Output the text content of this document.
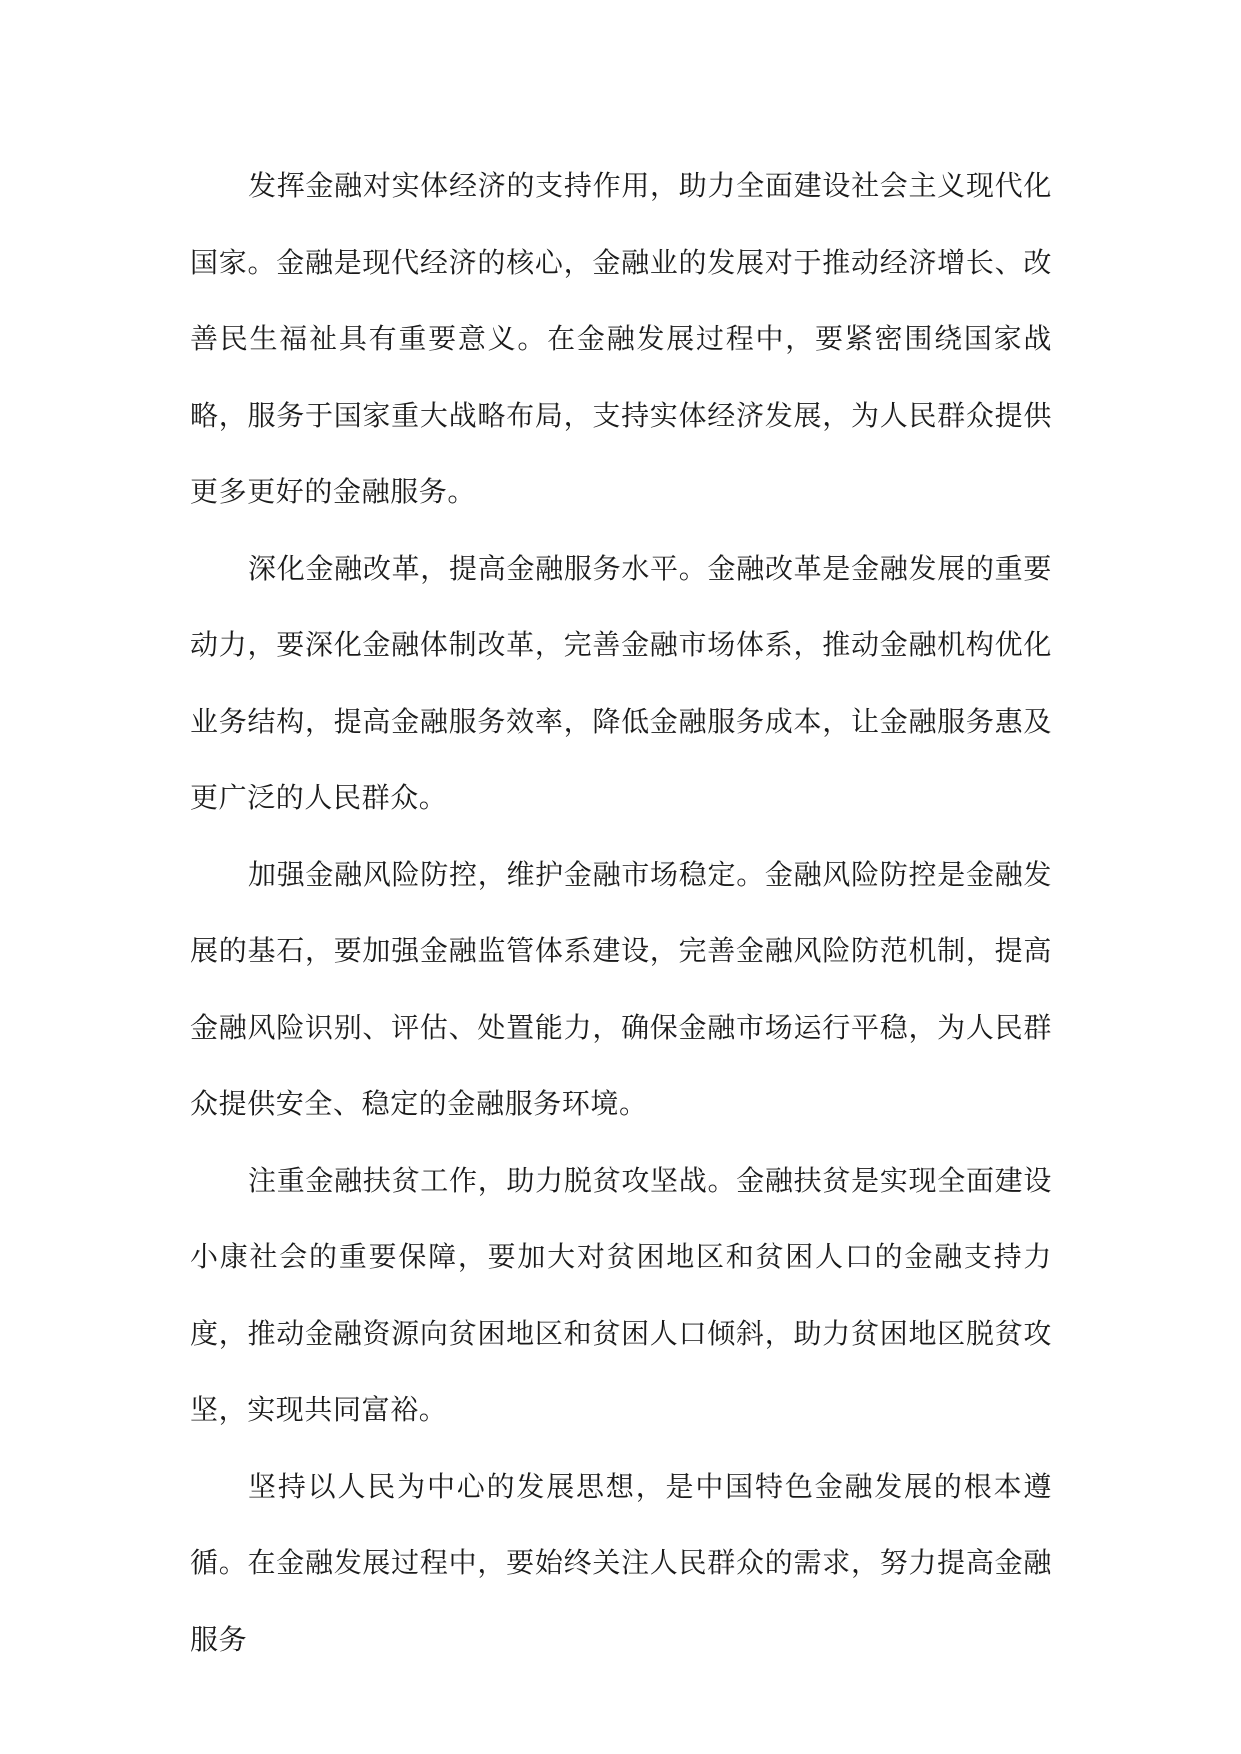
发挥金融对实体经济的支持作用，助力全面建设社会主义现代化国家。金融是现代经济的核心，金融业的发展对于推动经济增长、改善民生福祉具有重要意义。在金融发展过程中，要紧密围绕国家战略，服务于国家重大战略布局，支持实体经济发展，为人民群众提供更多更好的金融服务。

深化金融改革，提高金融服务水平。金融改革是金融发展的重要动力，要深化金融体制改革，完善金融市场体系，推动金融机构优化业务结构，提高金融服务效率，降低金融服务成本，让金融服务惠及更广泛的人民群众。

加强金融风险防控，维护金融市场稳定。金融风险防控是金融发展的基石，要加强金融监管体系建设，完善金融风险防范机制，提高金融风险识别、评估、处置能力，确保金融市场运行平稳，为人民群众提供安全、稳定的金融服务环境。

注重金融扶贫工作，助力脱贫攻坚战。金融扶贫是实现全面建设小康社会的重要保障，要加大对贫困地区和贫困人口的金融支持力度，推动金融资源向贫困地区和贫困人口倾斜，助力贫困地区脱贫攻坚，实现共同富裕。

坚持以人民为中心的发展思想，是中国特色金融发展的根本遵循。在金融发展过程中，要始终关注人民群众的需求，努力提高金融服务
